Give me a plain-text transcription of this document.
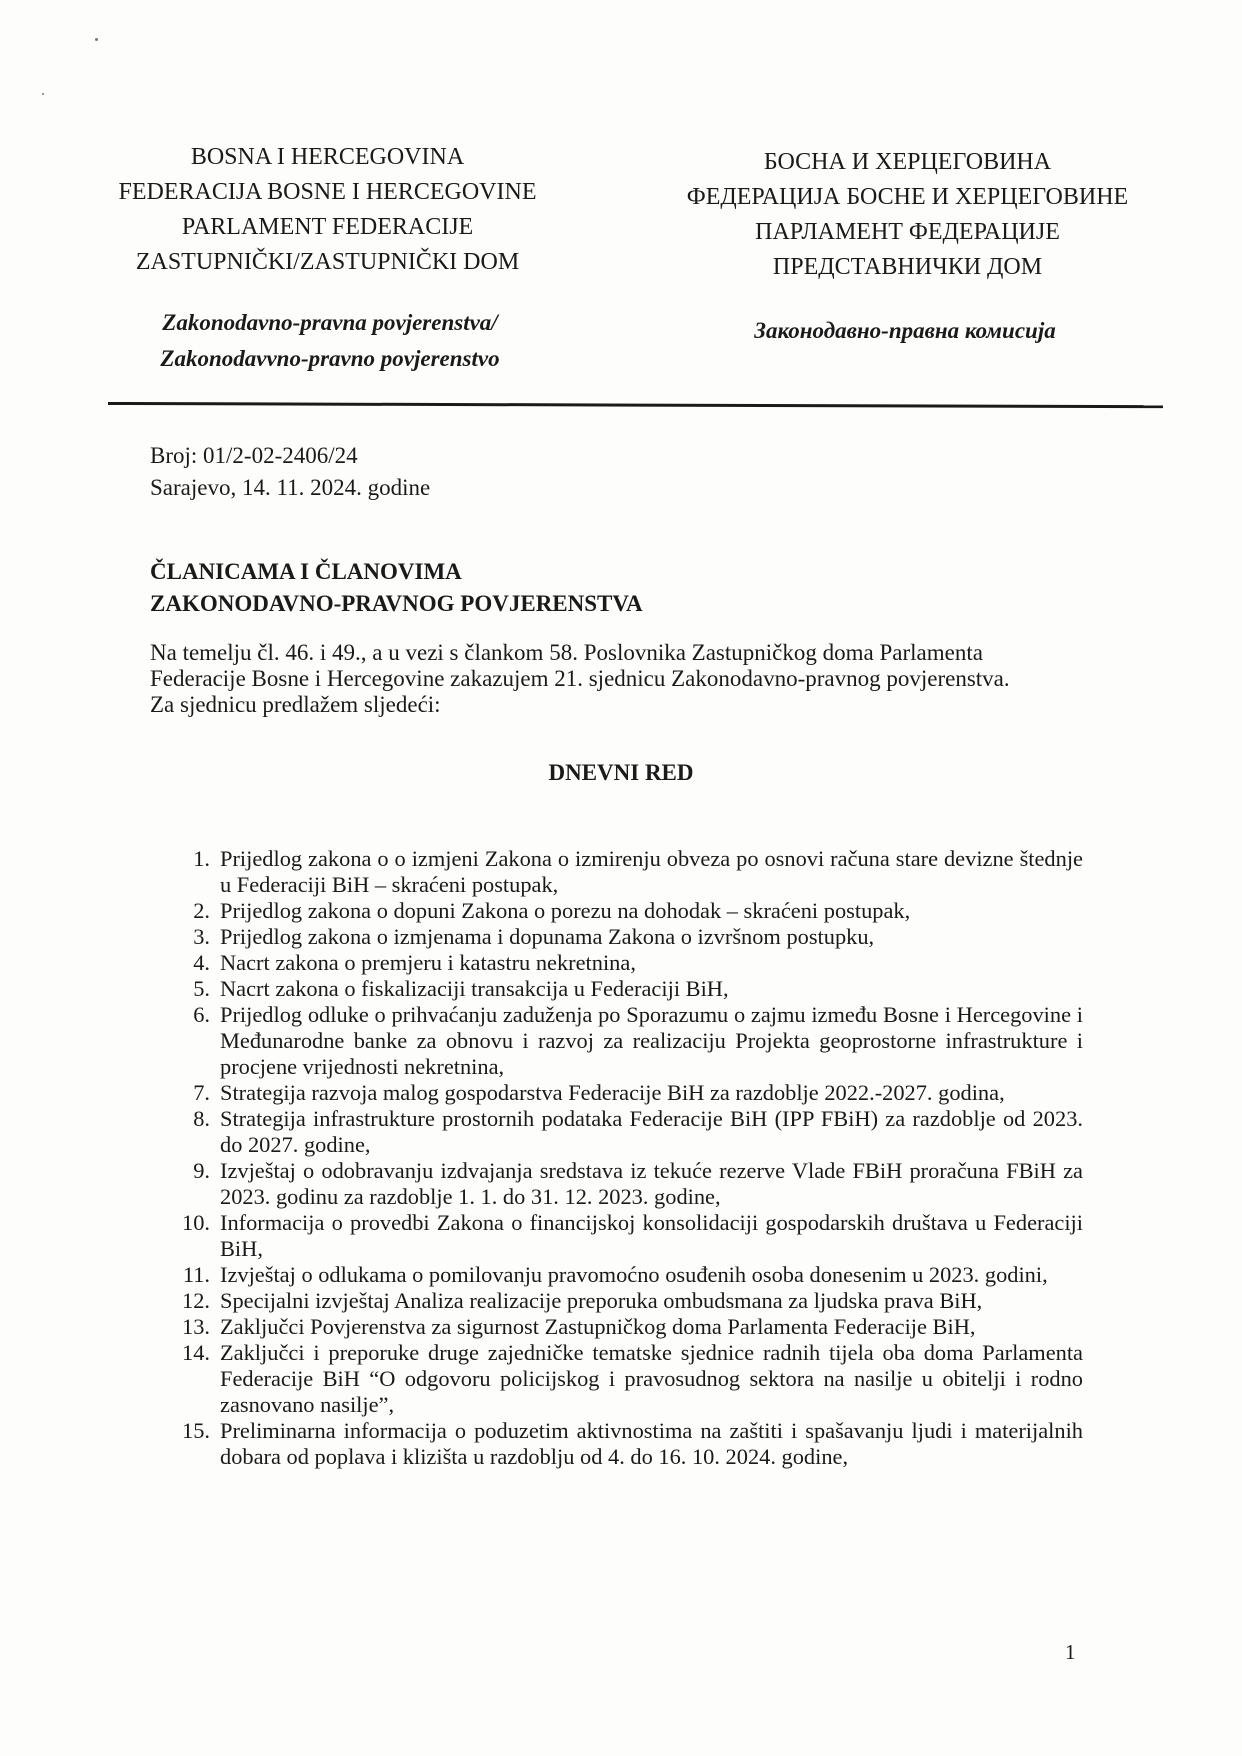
BOSNA I HERCEGOVINA
FEDERACIJA BOSNE I HERCEGOVINE
PARLAMENT FEDERACIJE
ZASTUPNIČKI/ZASTUPNIČKI DOM
БОСНА И ХЕРЦЕГОВИНА
ФЕДЕРАЦИЈА БОСНЕ И ХЕРЦЕГОВИНЕ
ПАРЛАМЕНТ ФЕДЕРАЦИЈЕ
ПРЕДСТАВНИЧКИ ДОМ
Zakonodavno-pravna povjerenstva/
Zakonodavvno-pravno povjerenstvo
Законодавно-правна комисија
Broj: 01/2-02-2406/24
Sarajevo, 14. 11. 2024. godine
ČLANICAMA I ČLANOVIMA
ZAKONODAVNO-PRAVNOG POVJERENSTVA
Na temelju čl. 46. i 49., a u vezi s člankom 58. Poslovnika Zastupničkog doma Parlamenta
Federacije Bosne i Hercegovine zakazujem 21. sjednicu Zakonodavno-pravnog povjerenstva.
Za sjednicu predlažem sljedeći:
DNEVNI RED
1. Prijedlog zakona o o izmjeni Zakona o izmirenju obveza po osnovi računa stare devizne štednje u Federaciji BiH – skraćeni postupak,
2. Prijedlog zakona o dopuni Zakona o porezu na dohodak – skraćeni postupak,
3. Prijedlog zakona o izmjenama i dopunama Zakona o izvršnom postupku,
4. Nacrt zakona o premjeru i katastru nekretnina,
5. Nacrt zakona o fiskalizaciji transakcija u Federaciji BiH,
6. Prijedlog odluke o prihvaćanju zaduženja po Sporazumu o zajmu između Bosne i Hercegovine i Međunarodne banke za obnovu i razvoj za realizaciju Projekta geoprostorne infrastrukture i procjene vrijednosti nekretnina,
7. Strategija razvoja malog gospodarstva Federacije BiH za razdoblje 2022.-2027. godina,
8. Strategija infrastrukture prostornih podataka Federacije BiH (IPP FBiH) za razdoblje od 2023. do 2027. godine,
9. Izvještaj o odobravanju izdvajanja sredstava iz tekuće rezerve Vlade FBiH proračuna FBiH za 2023. godinu za razdoblje 1. 1. do 31. 12. 2023. godine,
10. Informacija o provedbi Zakona o financijskoj konsolidaciji gospodarskih društava u Federaciji BiH,
11. Izvještaj o odlukama o pomilovanju pravomoćno osuđenih osoba donesenim u 2023. godini,
12. Specijalni izvještaj Analiza realizacije preporuka ombudsmana za ljudska prava BiH,
13. Zaključci Povjerenstva za sigurnost Zastupničkog doma Parlamenta Federacije BiH,
14. Zaključci i preporuke druge zajedničke tematske sjednice radnih tijela oba doma Parlamenta Federacije BiH “O odgovoru policijskog i pravosudnog sektora na nasilje u obitelji i rodno zasnovano nasilje”,
15. Preliminarna informacija o poduzetim aktivnostima na zaštiti i spašavanju ljudi i materijalnih dobara od poplava i klizišta u razdoblju od 4. do 16. 10. 2024. godine,
1
